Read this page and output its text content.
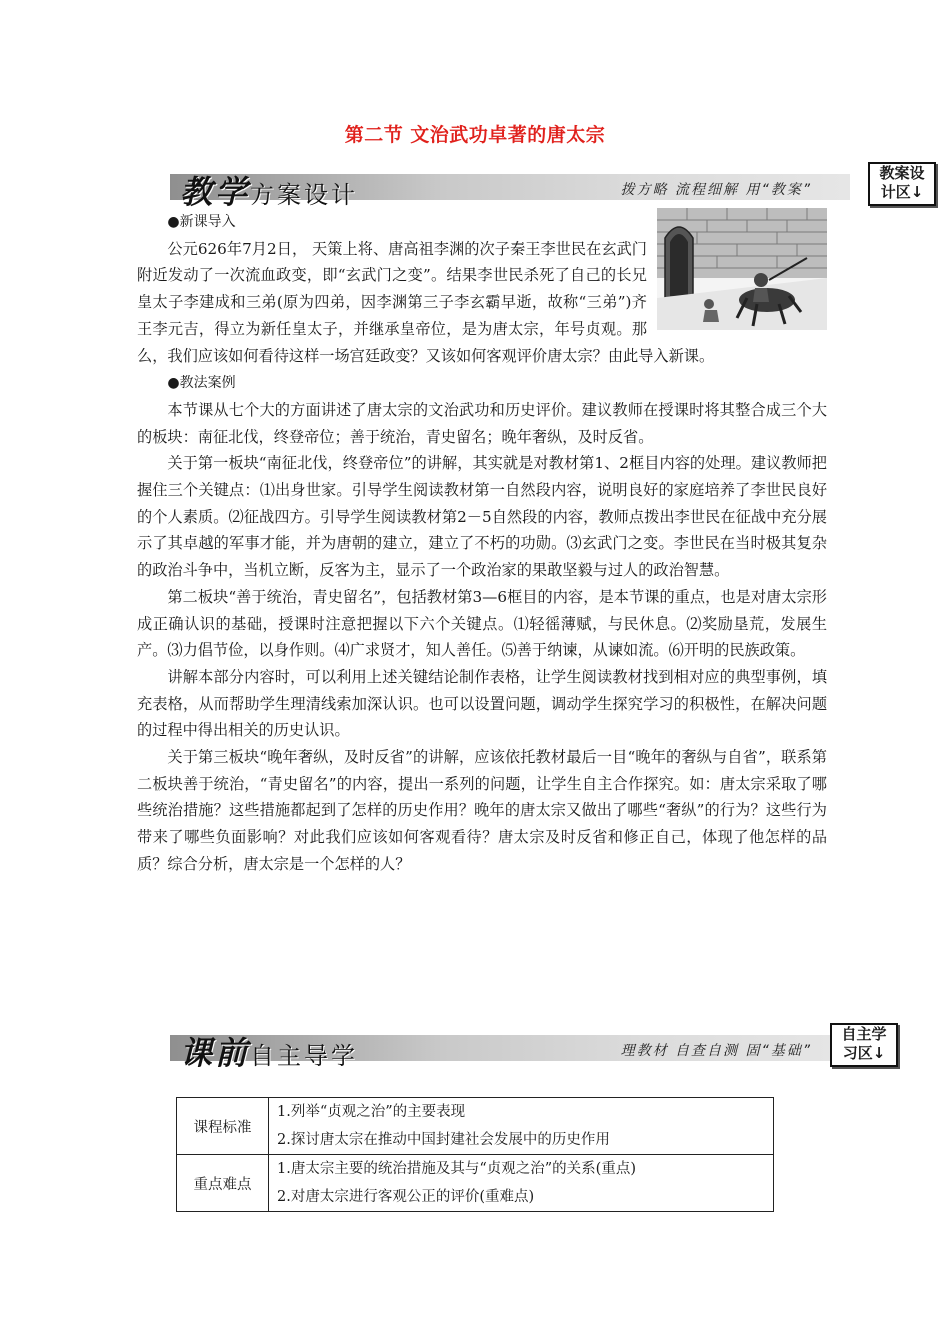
第二节 文治武功卓著的唐太宗
教学方案设计	拨方略 流程细解 用“教案”
教案设
计区↓

●新课导入

公元626年7月2日， 天策上将、唐高祖李渊的次子秦王李世民在玄武门附近发动了一次流血政变，即“玄武门之变”。结果李世民杀死了自己的长兄皇太子李建成和三弟(原为四弟，因李渊第三子李玄霸早逝，故称“三弟”)齐王李元吉，得立为新任皇太子，并继承皇帝位，是为唐太宗，年号贞观。那么，我们应该如何看待这样一场宫廷政变？又该如何客观评价唐太宗？由此导入新课。

●教法案例

本节课从七个大的方面讲述了唐太宗的文治武功和历史评价。建议教师在授课时将其整合成三个大的板块：南征北伐，终登帝位；善于统治，青史留名；晚年奢纵，及时反省。

关于第一板块“南征北伐，终登帝位”的讲解，其实就是对教材第1、2框目内容的处理。建议教师把握住三个关键点：⑴出身世家。引导学生阅读教材第一自然段内容，说明良好的家庭培养了李世民良好的个人素质。⑵征战四方。引导学生阅读教材第2－5自然段的内容，教师点拨出李世民在征战中充分展示了其卓越的军事才能，并为唐朝的建立，建立了不朽的功勋。⑶玄武门之变。李世民在当时极其复杂的政治斗争中，当机立断，反客为主，显示了一个政治家的果敢坚毅与过人的政治智慧。

第二板块“善于统治，青史留名”，包括教材第3—6框目的内容，是本节课的重点，也是对唐太宗形成正确认识的基础，授课时注意把握以下六个关键点。⑴轻徭薄赋，与民休息。⑵奖励垦荒，发展生产。⑶力倡节俭，以身作则。⑷广求贤才，知人善任。⑸善于纳谏，从谏如流。⑹开明的民族政策。

讲解本部分内容时，可以利用上述关键结论制作表格，让学生阅读教材找到相对应的典型事例，填充表格，从而帮助学生理清线索加深认识。也可以设置问题，调动学生探究学习的积极性，在解决问题的过程中得出相关的历史认识。

关于第三板块“晚年奢纵，及时反省”的讲解，应该依托教材最后一目“晚年的奢纵与自省”，联系第二板块善于统治，“青史留名”的内容，提出一系列的问题，让学生自主合作探究。如：唐太宗采取了哪些统治措施？这些措施都起到了怎样的历史作用？晚年的唐太宗又做出了哪些“奢纵”的行为？这些行为带来了哪些负面影响？对此我们应该如何客观看待？唐太宗及时反省和修正自己，体现了他怎样的品质？综合分析，唐太宗是一个怎样的人？

课前自主导学	理教材 自查自测 固“基础”
自主学
习区↓
课程标准	1.列举“贞观之治”的主要表现
2.探讨唐太宗在推动中国封建社会发展中的历史作用

重点难点	1.唐太宗主要的统治措施及其与“贞观之治”的关系(重点)
2.对唐太宗进行客观公正的评价(重难点)
